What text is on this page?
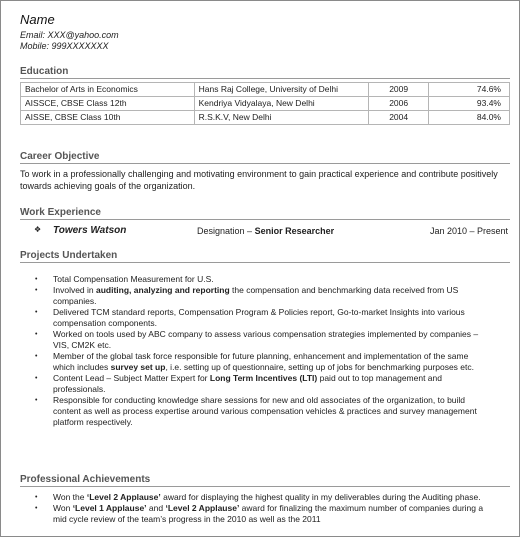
Name
Email: XXX@yahoo.com
Mobile: 999XXXXXXX
Education
Bachelor of Arts in Economics	Hans Raj College, University of Delhi	2009	74.6%
AISSCE, CBSE Class 12th	Kendriya Vidyalaya, New Delhi	2006	93.4%
AISSE, CBSE Class 10th	R.S.K.V, New Delhi	2004	84.0%
Career Objective
To work in a professionally challenging and motivating environment to gain practical experience and contribute positively towards achieving goals of the organization.
Work Experience
❖ Towers Watson	Designation – Senior Researcher	Jan 2010 – Present
Projects Undertaken
• Total Compensation Measurement for U.S.
• Involved in auditing, analyzing and reporting the compensation and benchmarking data received from US companies.
• Delivered TCM standard reports, Compensation Program & Policies report, Go-to-market Insights into various compensation components.
• Worked on tools used by ABC company to assess various compensation strategies implemented by companies – VIS, CM2K etc.
• Member of the global task force responsible for future planning, enhancement and implementation of the same which includes survey set up, i.e. setting up of questionnaire, setting up of jobs for benchmarking purposes etc.
• Content Lead – Subject Matter Expert for Long Term Incentives (LTI) paid out to top management and professionals.
• Responsible for conducting knowledge share sessions for new and old associates of the organization, to build content as well as process expertise around various compensation vehicles & practices and survey management platform respectively.
Professional Achievements
• Won the ‘Level 2 Applause’ award for displaying the highest quality in my deliverables during the Auditing phase.
• Won ‘Level 1 Applause’ and ‘Level 2 Applause’ award for finalizing the maximum number of companies during a mid cycle review of the team’s progress in the 2010 as well as the 2011
